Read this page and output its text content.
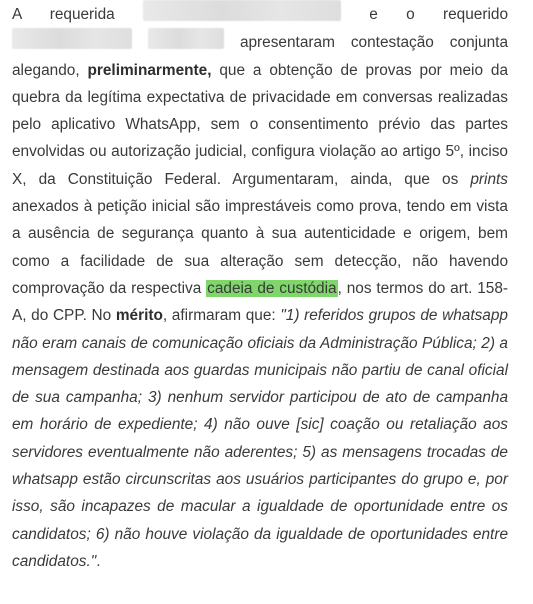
A requerida	e o requerido   apresentaram contestação conjunta alegando, preliminarmente, que a obtenção de provas por meio da quebra da legítima expectativa de privacidade em conversas realizadas pelo aplicativo WhatsApp, sem o consentimento prévio das partes envolvidas ou autorização judicial, configura violação ao artigo 5º, inciso X, da Constituição Federal. Argumentaram, ainda, que os prints anexados à petição inicial são imprestáveis como prova, tendo em vista a ausência de segurança quanto à sua autenticidade e origem, bem como a facilidade de sua alteração sem detecção, não havendo comprovação da respectiva cadeia de custódia, nos termos do art. 158-A, do CPP. No mérito, afirmaram que: "1) referidos grupos de whatsapp não eram canais de comunicação oficiais da Administração Pública; 2) a mensagem destinada aos guardas municipais não partiu de canal oficial de sua campanha; 3) nenhum servidor participou de ato de campanha em horário de expediente; 4) não ouve [sic] coação ou retaliação aos servidores eventualmente não aderentes; 5) as mensagens trocadas de whatsapp estão circunscritas aos usuários participantes do grupo e, por isso, são incapazes de macular a igualdade de oportunidade entre os candidatos; 6) não houve violação da igualdade de oportunidades entre candidatos.".
